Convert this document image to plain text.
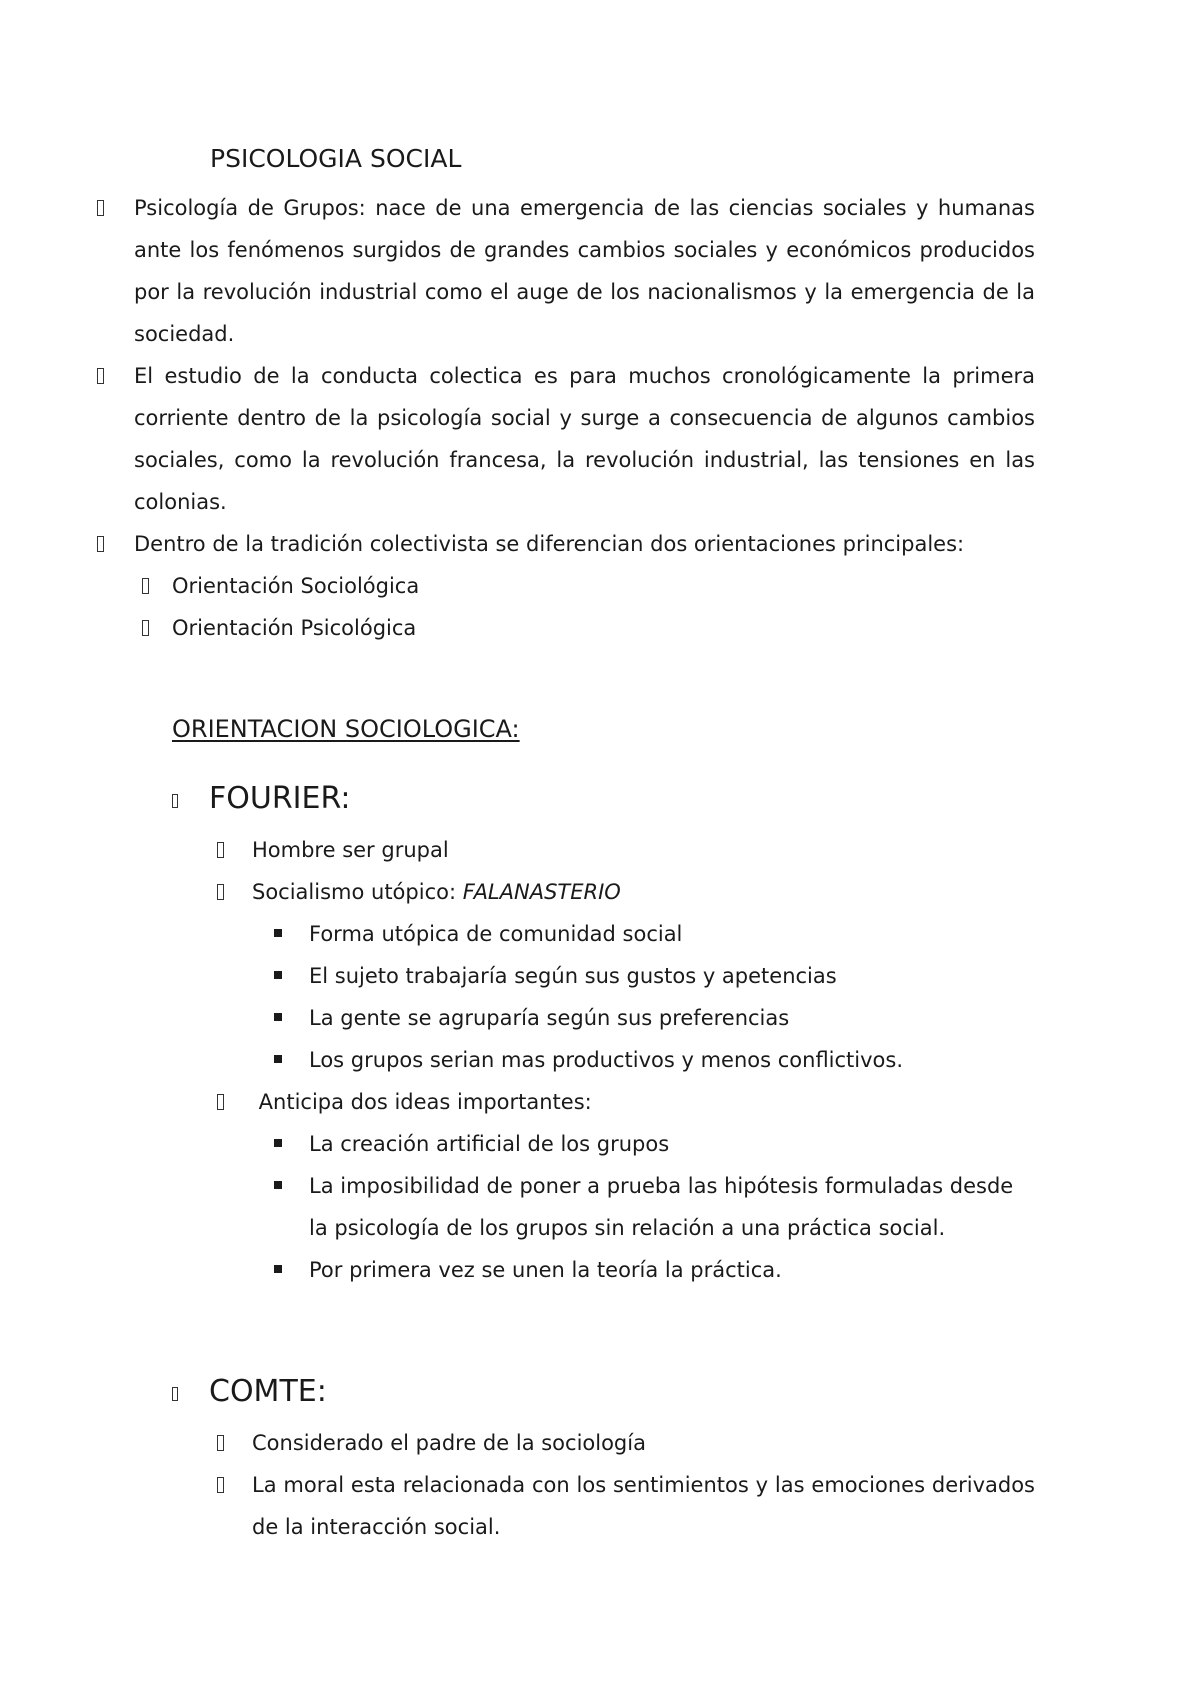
PSICOLOGIA SOCIAL
Psicología de Grupos: nace de una emergencia de las ciencias sociales y humanas ante los fenómenos surgidos de grandes cambios sociales y económicos producidos por la revolución industrial como el auge de los nacionalismos y la emergencia de la sociedad.
El estudio de la conducta colectica es para muchos cronológicamente la primera corriente dentro de la psicología social y surge a consecuencia de algunos cambios sociales, como la revolución francesa, la revolución industrial, las tensiones en las colonias.
Dentro de la tradición colectivista se diferencian dos orientaciones principales:
Orientación Sociológica
Orientación Psicológica
ORIENTACION SOCIOLOGICA:
FOURIER:
Hombre ser grupal
Socialismo utópico: FALANASTERIO
Forma utópica de comunidad social
El sujeto trabajaría según sus gustos y apetencias
La gente se agruparía según sus preferencias
Los grupos serian mas productivos y menos conflictivos.
Anticipa dos ideas importantes:
La creación artificial de los grupos
La imposibilidad de poner a prueba las hipótesis formuladas desde la psicología de los grupos sin relación a una práctica social.
Por primera vez se unen la teoría la práctica.
COMTE:
Considerado el padre de la sociología
La moral esta relacionada con los sentimientos y las emociones derivados de la interacción social.
